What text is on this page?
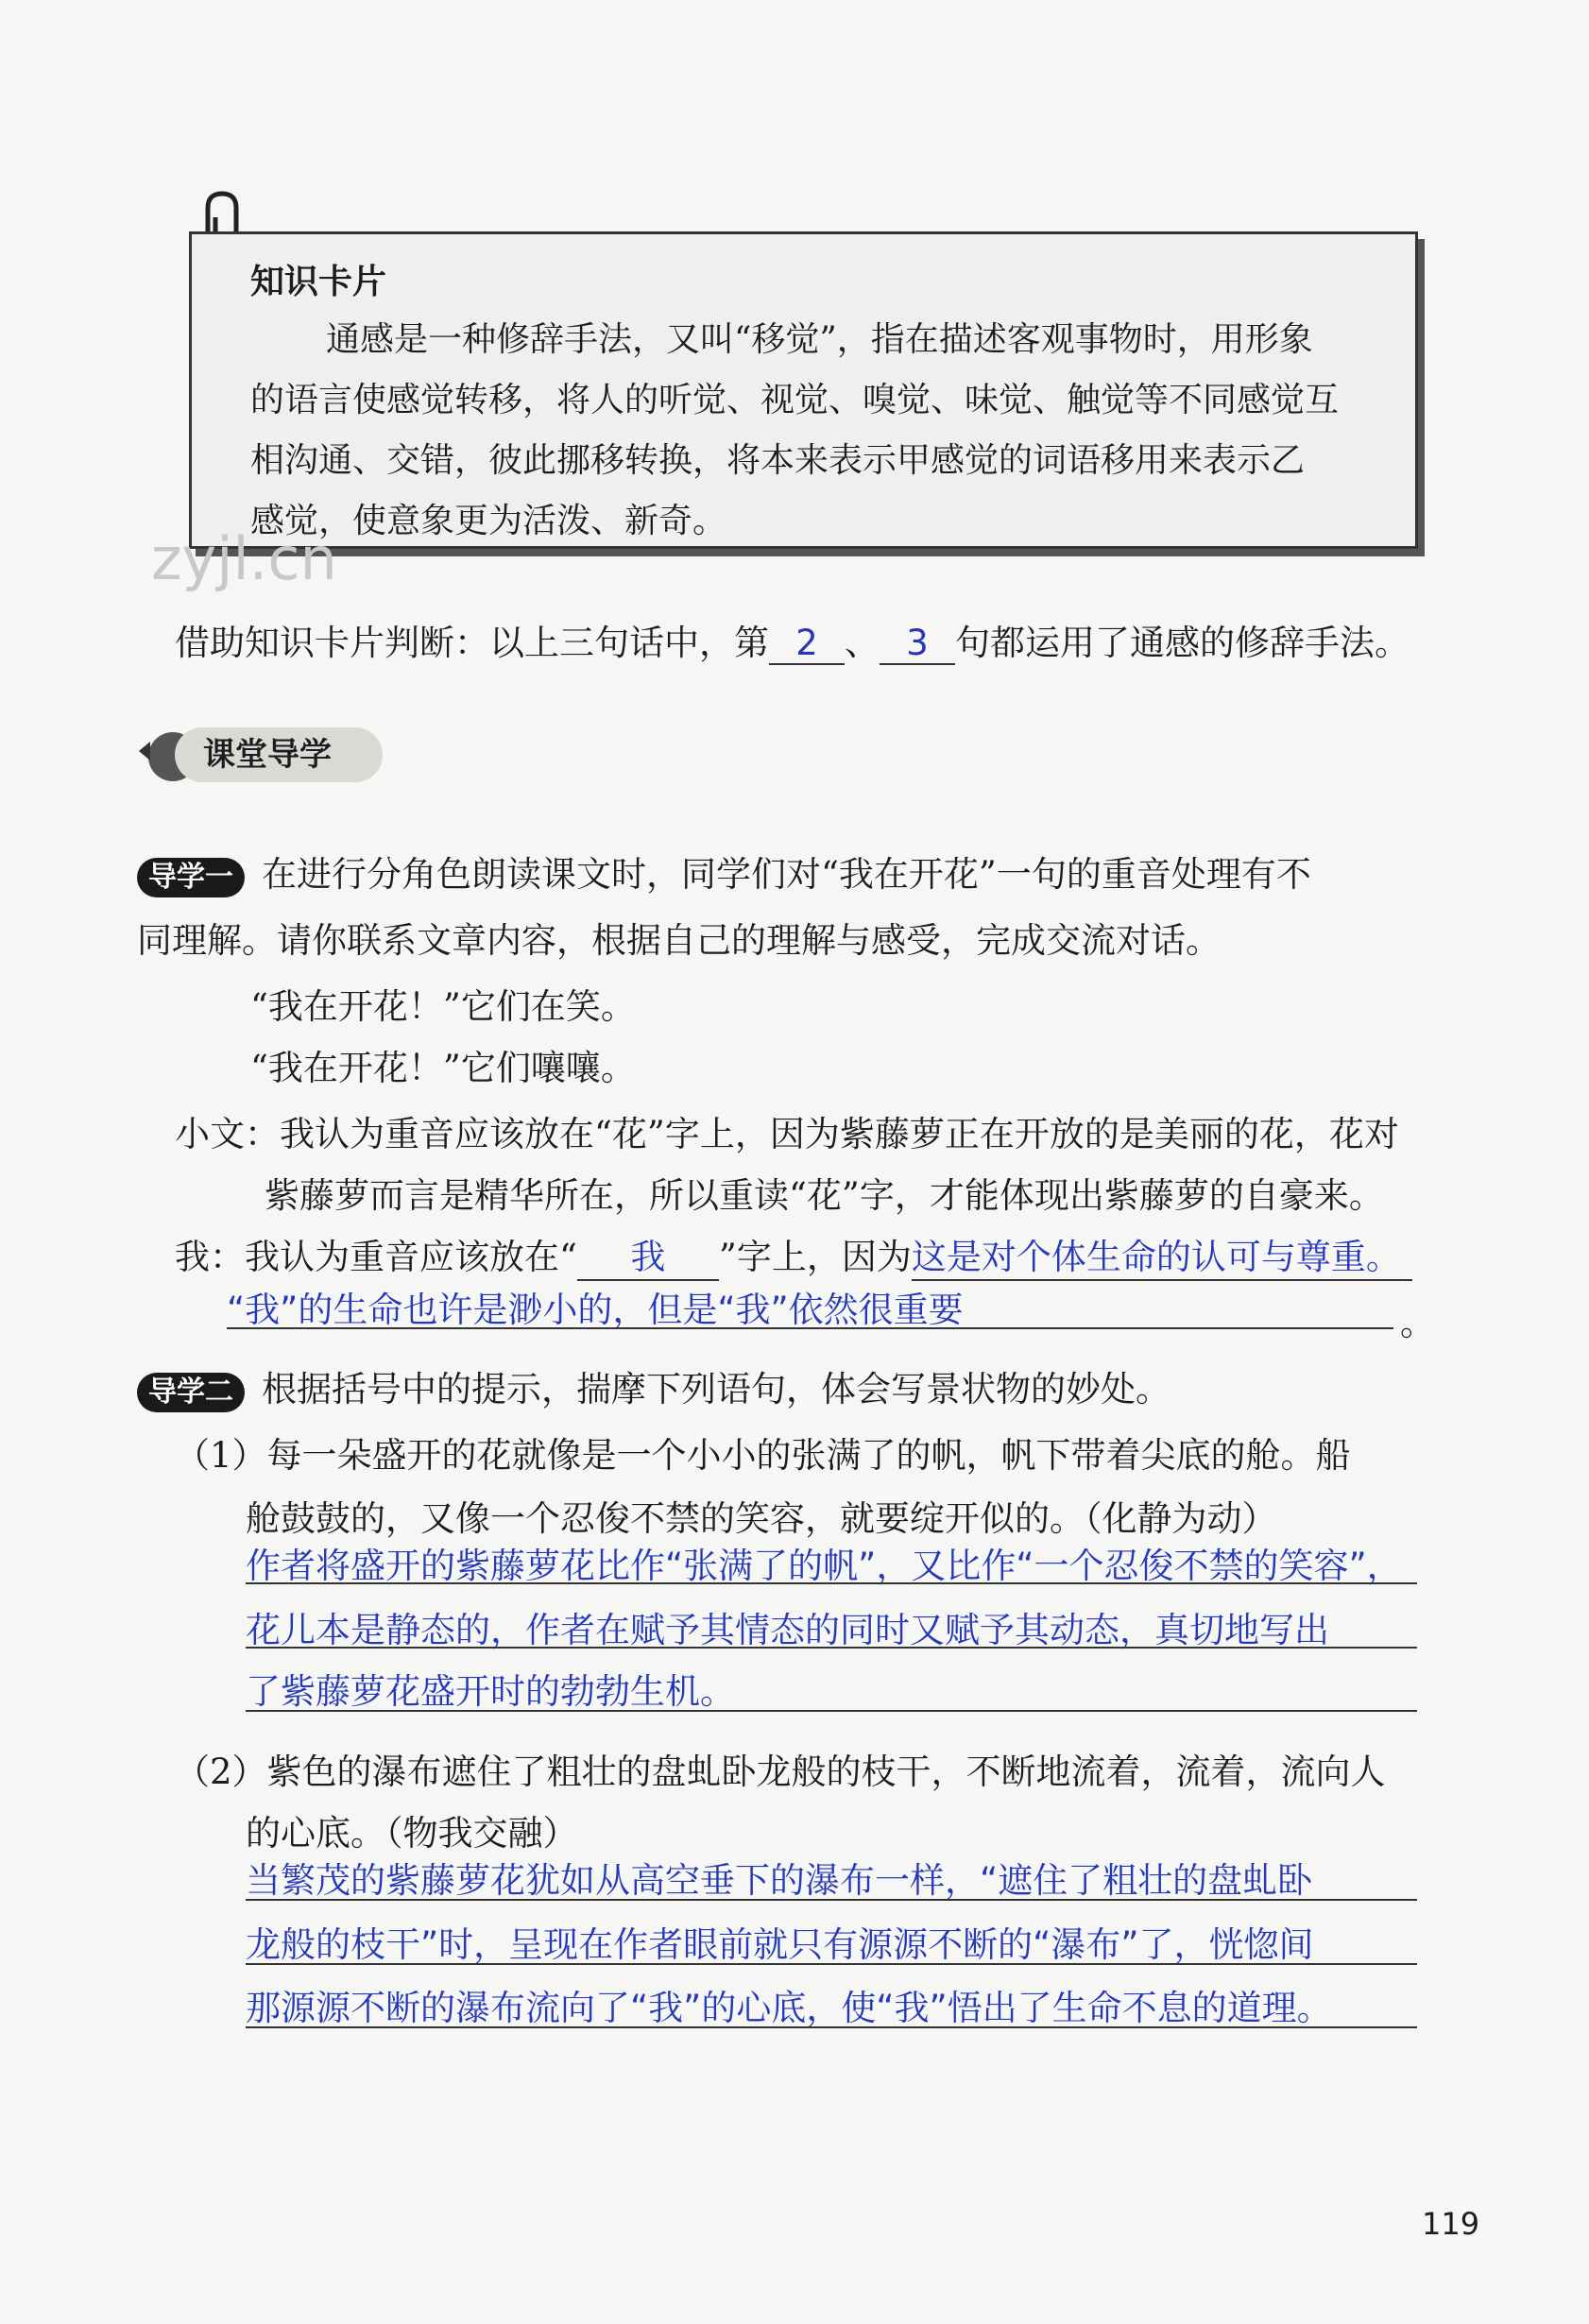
知识卡片

通感是一种修辞手法，又叫“移觉”，指在描述客观事物时，用形象

的语言使感觉转移，将人的听觉、视觉、嗅觉、味觉、触觉等不同感觉互
相沟通、交错，彼此挪移转换，将本来表示甲感觉的词语移用来表示乙
感觉，使意象更为活泼、新奇。
zyjl.cn
借助知识卡片判断：以上三句话中，第 2 、 3 句都运用了通感的修辞手法。
课堂导学
导学一 在进行分角色朗读课文时，同学们对“我在开花”一句的重音处理有不
同理解。请你联系文章内容，根据自己的理解与感受，完成交流对话。
“我在开花！”它们在笑。
“我在开花！”它们嚷嚷。
小文：我认为重音应该放在“花”字上，因为紫藤萝正在开放的是美丽的花，花对
紫藤萝而言是精华所在，所以重读“花”字，才能体现出紫藤萝的自豪来。
我：我认为重音应该放在“ 我 ”字上，因为这是对个体生命的认可与尊重。
“我”的生命也许是渺小的，但是“我”依然很重要	。
导学二 根据括号中的提示，揣摩下列语句，体会写景状物的妙处。
（1）每一朵盛开的花就像是一个小小的张满了的帆，帆下带着尖底的舱。船
舱鼓鼓的，又像一个忍俊不禁的笑容，就要绽开似的。（化静为动）
作者将盛开的紫藤萝花比作“张满了的帆”，又比作“一个忍俊不禁的笑容”，
花儿本是静态的，作者在赋予其情态的同时又赋予其动态，真切地写出
了紫藤萝花盛开时的勃勃生机。
（2）紫色的瀑布遮住了粗壮的盘虬卧龙般的枝干，不断地流着，流着，流向人
的心底。（物我交融）
当繁茂的紫藤萝花犹如从高空垂下的瀑布一样，“遮住了粗壮的盘虬卧
龙般的枝干”时，呈现在作者眼前就只有源源不断的“瀑布”了，恍惚间
那源源不断的瀑布流向了“我”的心底，使“我”悟出了生命不息的道理。
119
